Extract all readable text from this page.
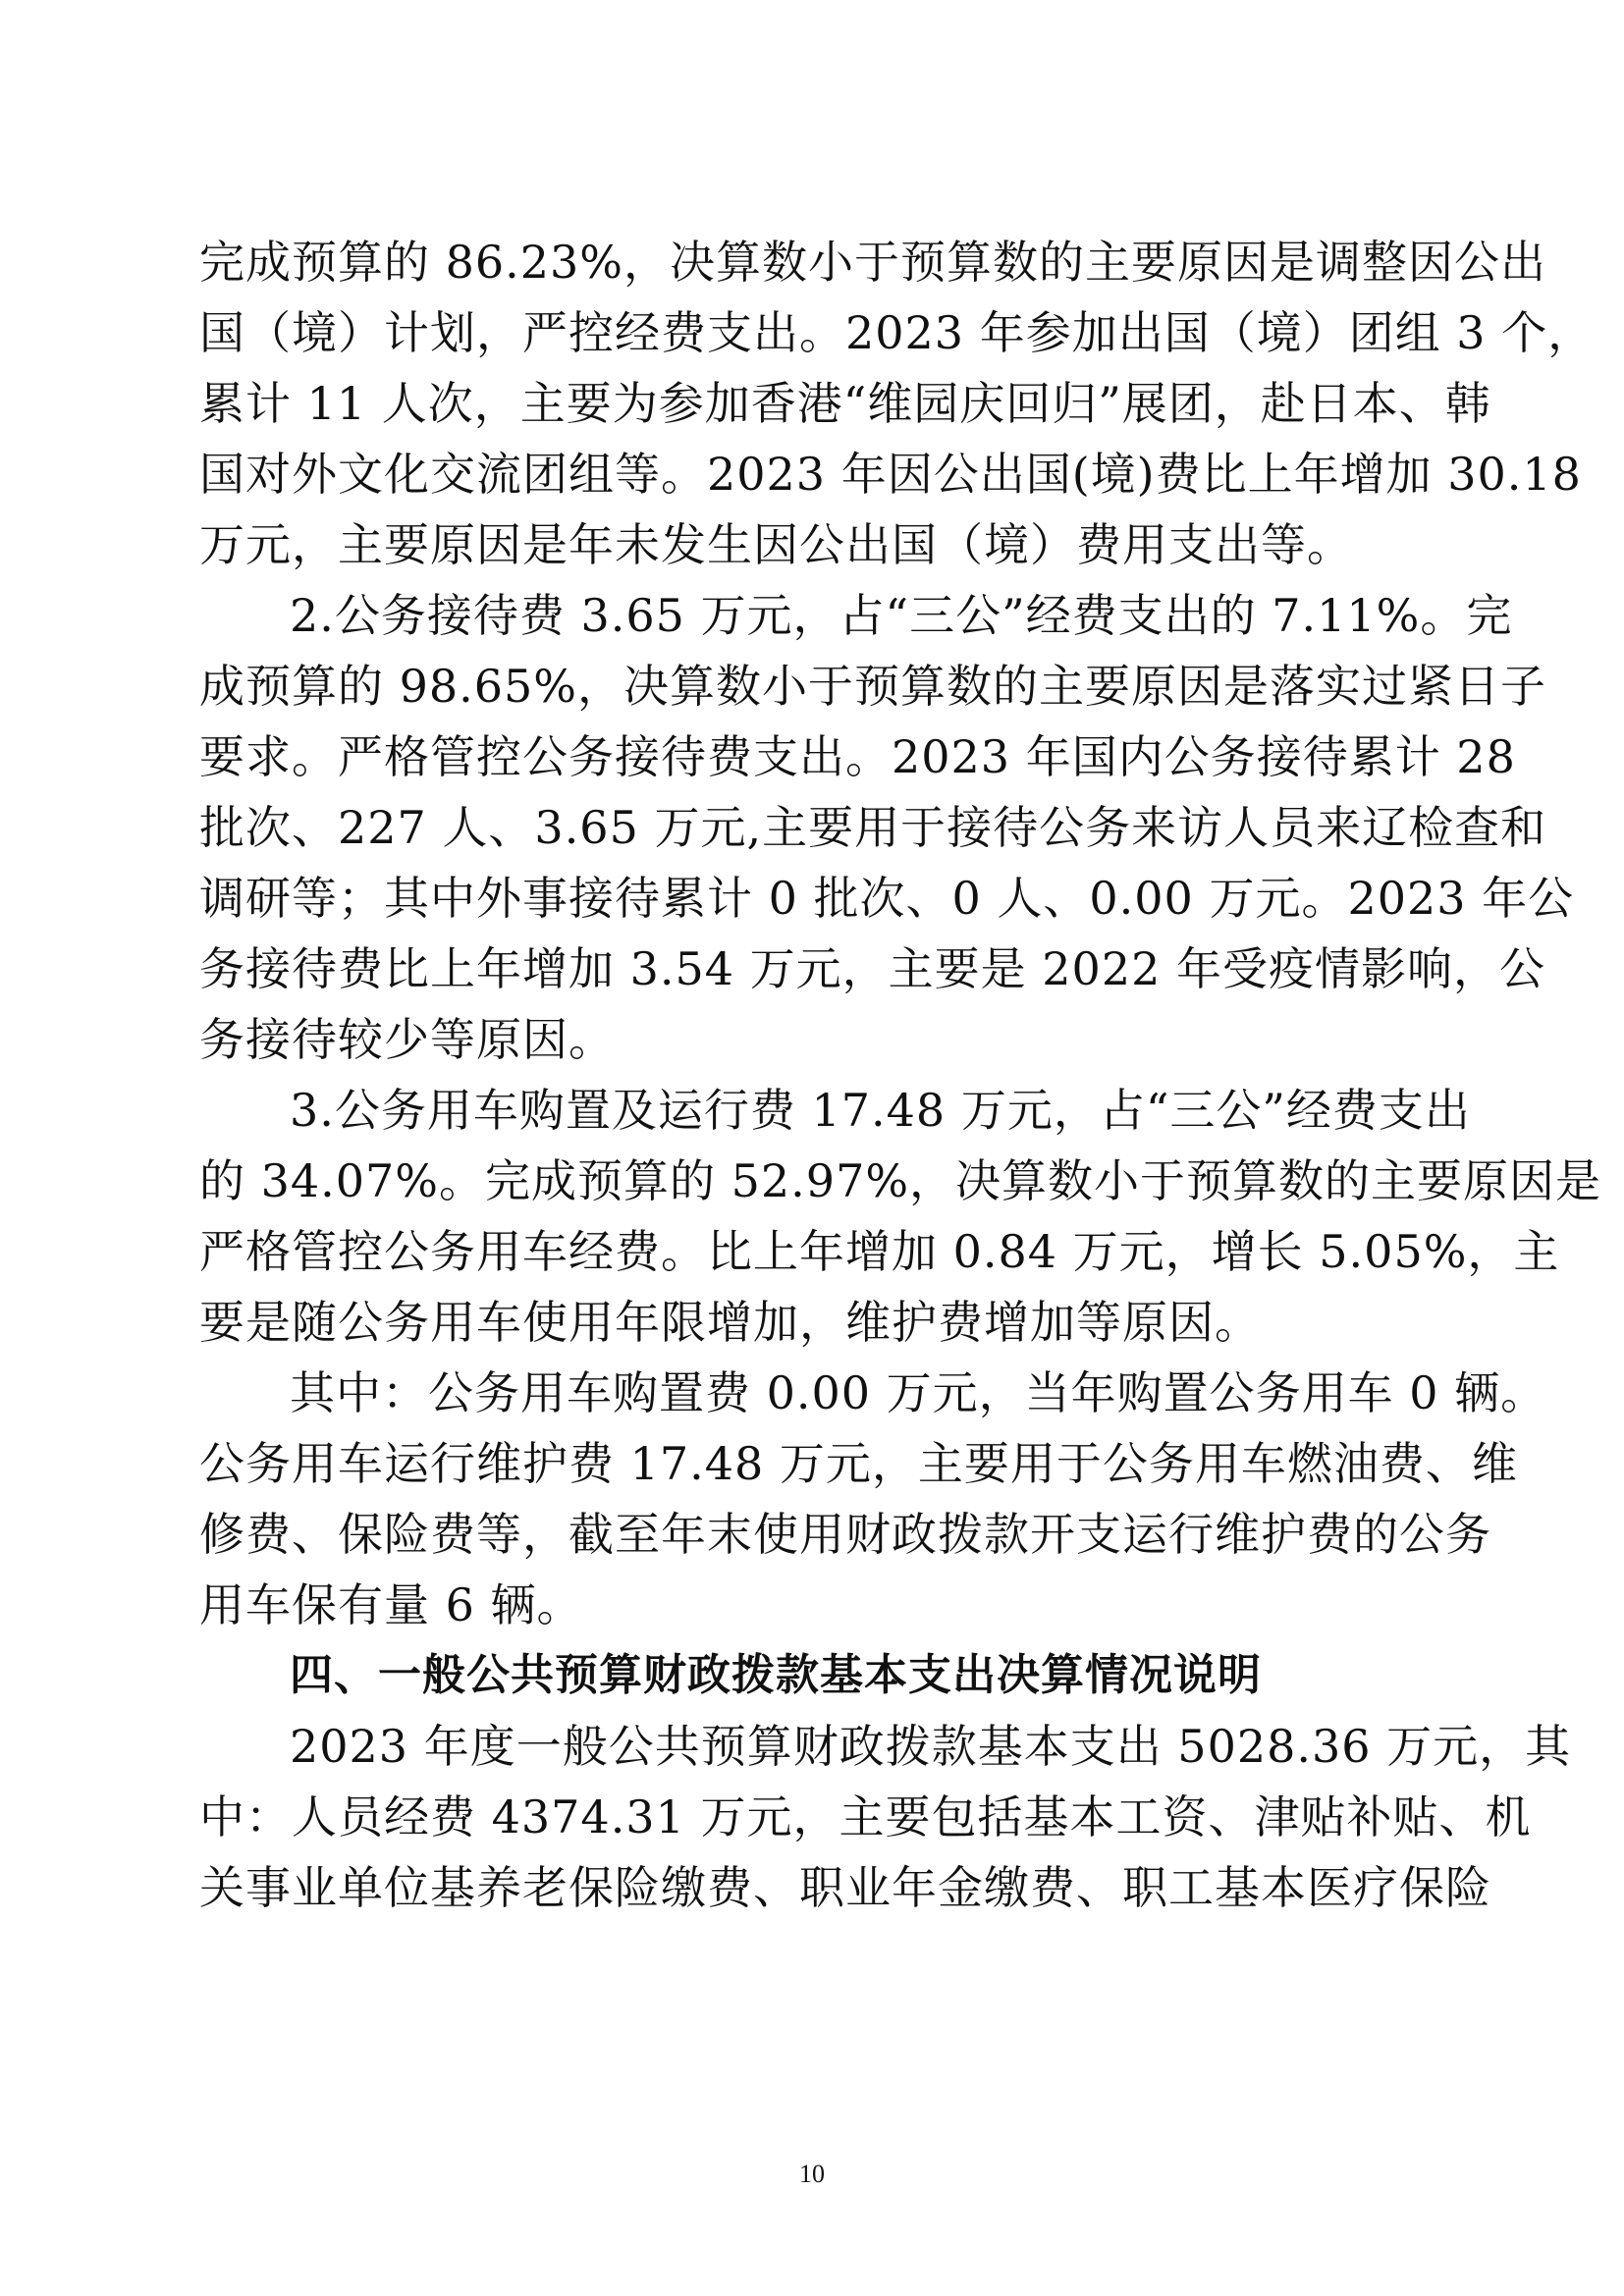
完成预算的 86.23%，决算数小于预算数的主要原因是调整因公出
国（境）计划，严控经费支出。2023 年参加出国（境）团组 3 个，
累计 11 人次，主要为参加香港“维园庆回归”展团，赴日本、韩
国对外文化交流团组等。2023 年因公出国(境)费比上年增加 30.18
万元，主要原因是年未发生因公出国（境）费用支出等。
2.公务接待费 3.65 万元，占“三公”经费支出的 7.11%。完
成预算的 98.65%，决算数小于预算数的主要原因是落实过紧日子
要求。严格管控公务接待费支出。2023 年国内公务接待累计 28
批次、227 人、3.65 万元,主要用于接待公务来访人员来辽检查和
调研等；其中外事接待累计 0 批次、0 人、0.00 万元。2023 年公
务接待费比上年增加 3.54 万元，主要是 2022 年受疫情影响，公
务接待较少等原因。
3.公务用车购置及运行费 17.48 万元，占“三公”经费支出
的 34.07%。完成预算的 52.97%，决算数小于预算数的主要原因是
严格管控公务用车经费。比上年增加 0.84 万元，增长 5.05%，主
要是随公务用车使用年限增加，维护费增加等原因。
其中：公务用车购置费 0.00 万元，当年购置公务用车 0 辆。
公务用车运行维护费 17.48 万元，主要用于公务用车燃油费、维
修费、保险费等，截至年末使用财政拨款开支运行维护费的公务
用车保有量 6 辆。
四、一般公共预算财政拨款基本支出决算情况说明
2023 年度一般公共预算财政拨款基本支出 5028.36 万元，其
中：人员经费 4374.31 万元，主要包括基本工资、津贴补贴、机
关事业单位基养老保险缴费、职业年金缴费、职工基本医疗保险
10
